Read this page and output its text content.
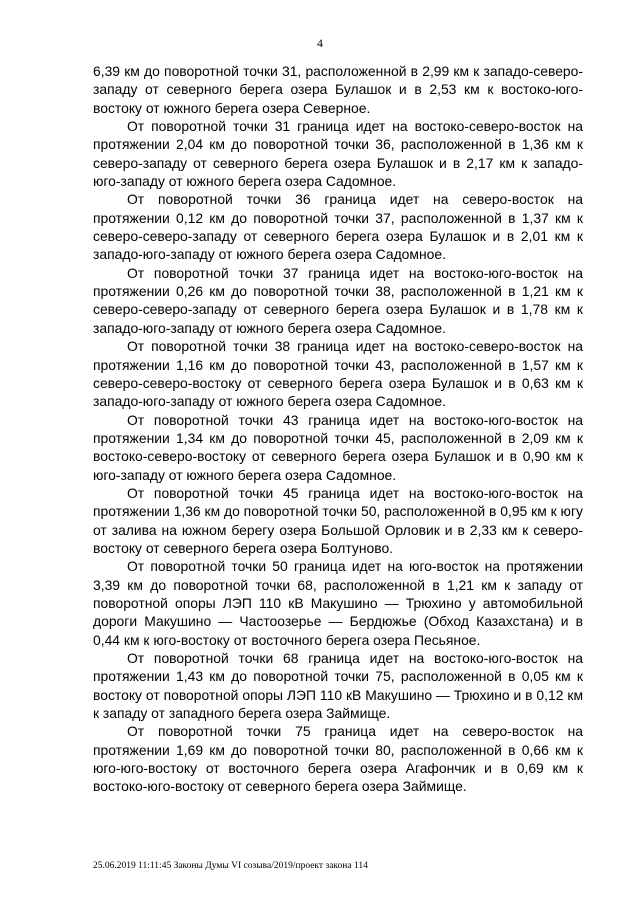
4

6,39 км до поворотной точки 31, расположенной в 2,99 км к западо-северо-западу от северного берега озера Булашок и в 2,53 км к востоко-юго-востоку от южного берега озера Северное.

От поворотной точки 31 граница идет на востоко-северо-восток на протяжении 2,04 км до поворотной точки 36, расположенной в 1,36 км к северо-западу от северного берега озера Булашок и в 2,17 км к западо-юго-западу от южного берега озера Садомное.

От поворотной точки 36 граница идет на северо-восток на протяжении 0,12 км до поворотной точки 37, расположенной в 1,37 км к северо-северо-западу от северного берега озера Булашок и в 2,01 км к западо-юго-западу от южного берега озера Садомное.

От поворотной точки 37 граница идет на востоко-юго-восток на протяжении 0,26 км до поворотной точки 38, расположенной в 1,21 км к северо-северо-западу от северного берега озера Булашок и в 1,78 км к западо-юго-западу от южного берега озера Садомное.

От поворотной точки 38 граница идет на востоко-северо-восток на протяжении 1,16 км до поворотной точки 43, расположенной в 1,57 км к северо-северо-востоку от северного берега озера Булашок и в 0,63 км к западо-юго-западу от южного берега озера Садомное.

От поворотной точки 43 граница идет на востоко-юго-восток на протяжении 1,34 км до поворотной точки 45, расположенной в 2,09 км к востоко-северо-востоку от северного берега озера Булашок и в 0,90 км к юго-западу от южного берега озера Садомное.

От поворотной точки 45 граница идет на востоко-юго-восток на протяжении 1,36 км до поворотной точки 50, расположенной в 0,95 км к югу от залива на южном берегу озера Большой Орловик и в 2,33 км к северо-востоку от северного берега озера Болтуново.

От поворотной точки 50 граница идет на юго-восток на протяжении 3,39 км до поворотной точки 68, расположенной в 1,21 км к западу от поворотной опоры ЛЭП 110 кВ Макушино — Трюхино у автомобильной дороги Макушино — Частоозерье — Бердюжье (Обход Казахстана) и в 0,44 км к юго-востоку от восточного берега озера Песьяное.

От поворотной точки 68 граница идет на востоко-юго-восток на протяжении 1,43 км до поворотной точки 75, расположенной в 0,05 км к востоку от поворотной опоры ЛЭП 110 кВ Макушино — Трюхино и в 0,12 км к западу от западного берега озера Займище.

От поворотной точки 75 граница идет на северо-восток на протяжении 1,69 км до поворотной точки 80, расположенной в 0,66 км к юго-юго-востоку от восточного берега озера Агафончик и в 0,69 км к востоко-юго-востоку от северного берега озера Займище.

25.06.2019 11:11:45 Законы Думы VI созыва/2019/проект закона 114
